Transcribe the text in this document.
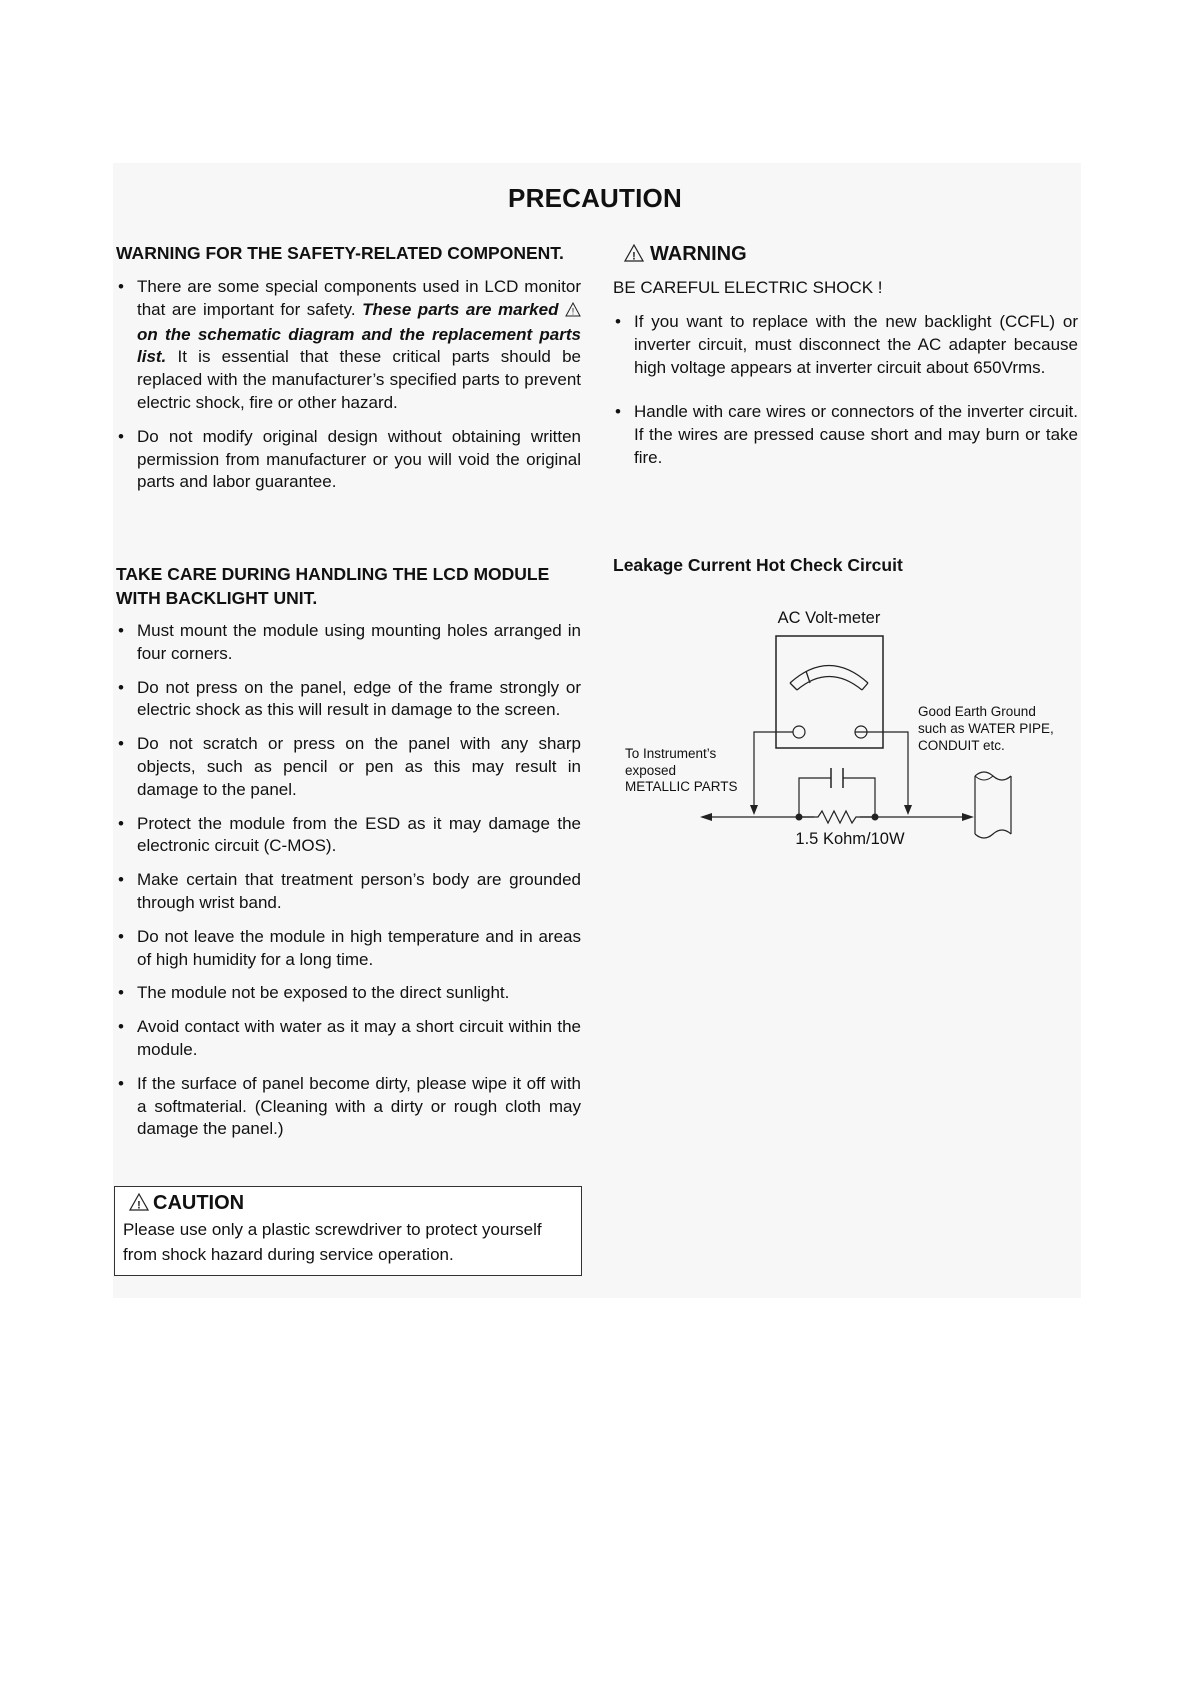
PRECAUTION

WARNING FOR THE SAFETY-RELATED COMPONENT.

• There are some special components used in LCD monitor that are important for safety. These parts are marked !
on the schematic diagram and the replacement parts list. It is essential that these critical parts should be replaced with the manufacturer’s specified parts to prevent electric shock, fire or other hazard.
• Do not modify original design without obtaining written permission from manufacturer or you will void the original parts and labor guarantee.

TAKE CARE DURING HANDLING THE LCD MODULE

WITH BACKLIGHT UNIT.

• Must mount the module using mounting holes arranged in four corners.
• Do not press on the panel, edge of the frame strongly or electric shock as this will result in damage to the screen.
• Do not scratch or press on the panel with any sharp objects, such as pencil or pen as this may result in damage to the panel.
• Protect the module from the ESD as it may damage the electronic circuit (C-MOS).
• Make certain that treatment person’s body are grounded through wrist band.
• Do not leave the module in high temperature and in areas of high humidity for a long time.
• The module not be exposed to the direct sunlight.
• Avoid contact with water as it may a short circuit within the module.
• If the surface of panel become dirty, please wipe it off with a softmaterial. (Cleaning with a dirty or rough cloth may damage the panel.)
! CAUTION
Please use only a plastic screwdriver to protect yourself
from shock hazard during service operation.
! WARNING

BE CAREFUL ELECTRIC SHOCK !

• If you want to replace with the new backlight (CCFL) or inverter circuit, must disconnect the AC adapter because high voltage appears at inverter circuit about 650Vrms.
• Handle with care wires or connectors of the inverter circuit. If the wires are pressed cause short and may burn or take fire.

Leakage Current Hot Check Circuit

AC Volt-meter
To Instrument’s
exposed
METALLIC PARTS
Good Earth Ground
such as WATER PIPE,
CONDUIT etc.
1.5 Kohm/10W
